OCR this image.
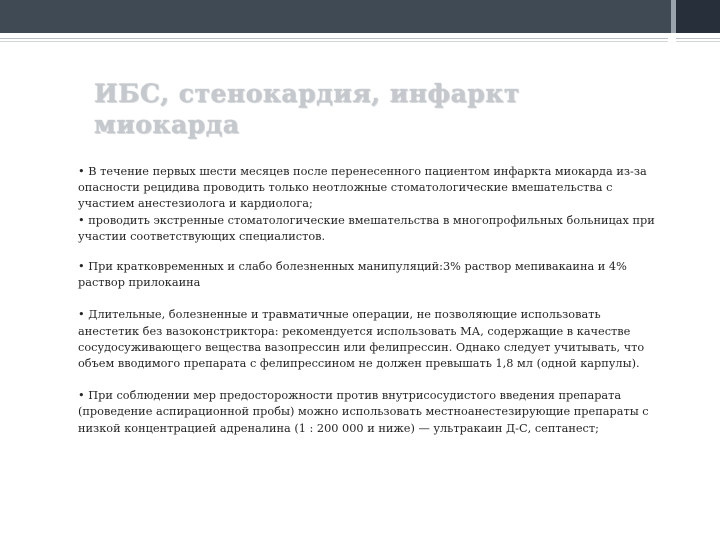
ИБС, стенокардия, инфаркт миокарда

• В течение первых шести месяцев после перенесенного пациентом инфаркта миокарда из-за опасности рецидива проводить только неотложные стоматологические вмешательства с участием анестезиолога и кардиолога;
• проводить экстренные стоматологические вмешательства в многопрофильных больницах при участии соответствующих специалистов.

• При кратковременных и слабо болезненных манипуляций:3% раствор мепивакаина и 4% раствор прилокаина

• Длительные, болезненные и травматичные операции, не позволяющие использовать анестетик без вазоконстриктора: рекомендуется использовать МА, содержащие в качестве сосудосуживающего вещества вазопрессин или фелипрессин. Однако следует учитывать, что объем вводимого препарата с фелипрессином не должен превышать 1,8 мл (одной карпулы).

• При соблюдении мер предосторожности против внутрисосудистого введения препарата (проведение аспирационной пробы) можно использовать местноанестезирующие препараты с низкой концентрацией адреналина (1 : 200 000 и ниже) — ультракаин Д-С, септанест;
